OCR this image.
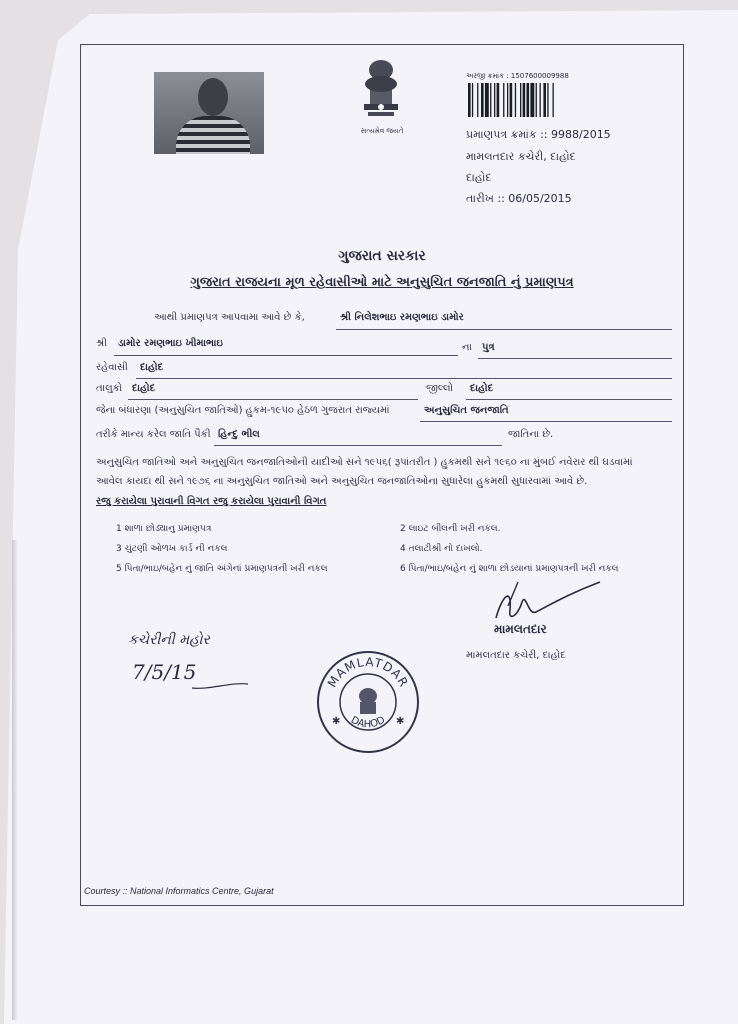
સત્યમેવ જયતે
અરજી ક્રમાંક : 1507600009988
પ્રમાણપત્ર ક્રમાંક :: 9988/2015
મામલતદાર કચેરી, દાહોદ
દાહોદ
તારીખ :: 06/05/2015
ગુજરાત સરકાર
ગુજરાત રાજયના મૂળ રહેવાસીઓ માટે અનુસુચિત જનજાતિ નું પ્રમાણપત્ર
આથી પ્રમાણપત્ર આપવામા આવે છે કે,	શ્રી નિલેશભાઇ રમણભાઇ ડામોર
શ્રી ડામોર રમણભાઇ ખીમાભાઇ	ના પુત્ર
રહેવાસી દાહોદ
તાલુકો દાહોદ	જીલ્લો દાહોદ
જેના બંધારણા (અનુસુચિત જાતિઓ) હુકમ-૧૯૫૦ હેઠળ ગુજરાત રાજ્યમાં	અનુસુચિત જનજાતિ
તરીકે માન્ય કરેલ જાતિ પૈકી હિન્દુ ભીલ	જાતિના છે.
અનુસુચિત જાતિઓ અને અનુસુચિત જનજાતિઓની યાદીઓ સને ૧૯૫૬( રૂપાંતરીત ) હુકમથી સને ૧૯૬૦ ના મુંબઈ નવેરાર થી ઘડવામાં
આવેલ કાયદા થી સને ૧૯૭૬ ના અનુસુચિત જાતિઓ અને અનુસુચિત જનજાતિઓના સુધારેલા હુકમથી સુધારવામાં આવે છે.
રજુ કરાયેલા પુરાવાની વિગત રજુ કરાયેલા પુરાવાની વિગત
1 શાળા છોડ્યાનુ પ્રમાણપત્ર	2 લાઇટ બીલની ખરી નકલ.
3 ચુંટણી ઓળખ કાર્ડ ની નકલ	4 તલાટીશ્રી નો દાખલો.
5 પિતા/ભાઇ/બહેન નું જાતિ અંગેનાં પ્રમાણપત્રની ખરી નકલ	6 પિતા/ભાઇ/બહેન નું શાળા છોડયાનાં પ્રમાણપત્રની ખરી નકલ
મામલતદાર
મામલતદાર કચેરી, દાહોદ
કચેરીની મહોર
7/5/15	MAMLATDAR
DAHOD
✱	✱
Courtesy :: National Informatics Centre, Gujarat
